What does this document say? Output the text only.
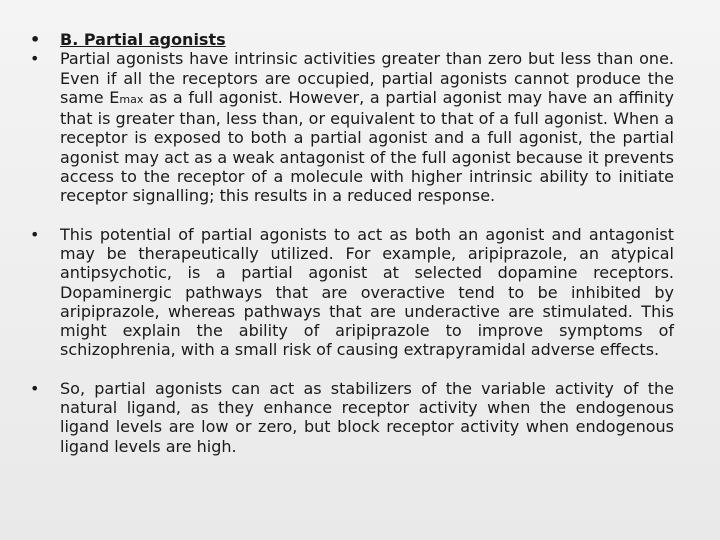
• B. Partial agonists
• Partial agonists have intrinsic activities greater than zero but less than one. Even if all the receptors are occupied, partial agonists cannot produce the same Emax as a full agonist. However, a partial agonist may have an affinity that is greater than, less than, or equivalent to that of a full agonist. When a receptor is exposed to both a partial agonist and a full agonist, the partial agonist may act as a weak antagonist of the full agonist because it prevents access to the receptor of a molecule with higher intrinsic ability to initiate receptor signalling; this results in a reduced response.
• This potential of partial agonists to act as both an agonist and antagonist may be therapeutically utilized. For example, aripiprazole, an atypical antipsychotic, is a partial agonist at selected dopamine receptors. Dopaminergic pathways that are overactive tend to be inhibited by aripiprazole, whereas pathways that are underactive are stimulated. This might explain the ability of aripiprazole to improve symptoms of schizophrenia, with a small risk of causing extrapyramidal adverse effects.
• So, partial agonists can act as stabilizers of the variable activity of the natural ligand, as they enhance receptor activity when the endogenous ligand levels are low or zero, but block receptor activity when endogenous ligand levels are high.
